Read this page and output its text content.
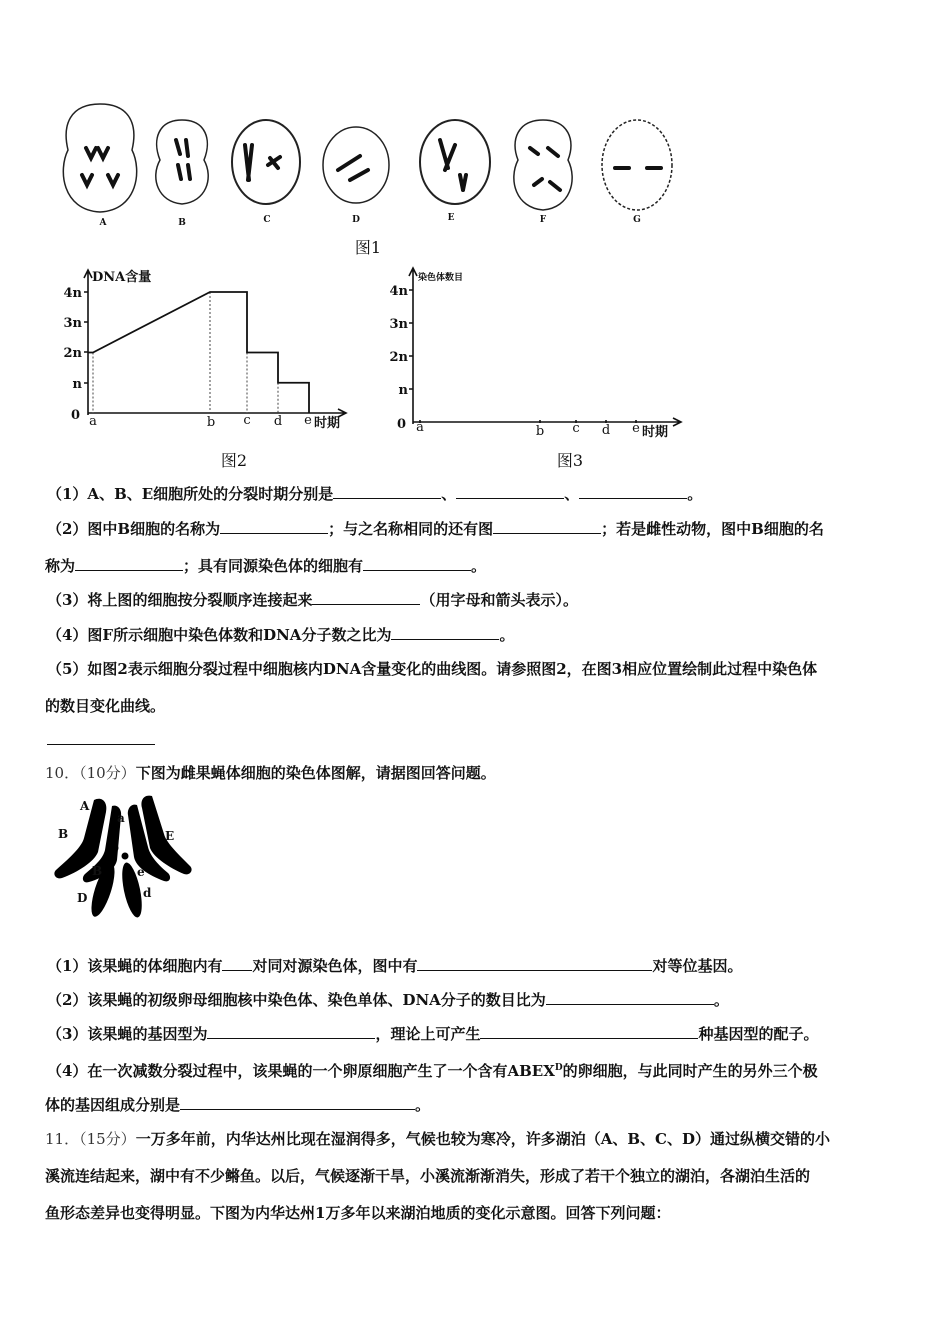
A	B	C	D	E	F	G
图1
DNA含量
4n
3n
2n
n
0 a	b c d e 时期
图2
染色体数目
4n
3n
2n
n
0 a	b c d e 时期
图3
（1）A、B、E细胞所处的分裂时期分别是	、	、	。
（2）图中B细胞的名称为	；与之名称相同的还有图	；若是雌性动物，图中B细胞的名
称为	；具有同源染色体的细胞有	。
（3）将上图的细胞按分裂顺序连接起来	（用字母和箭头表示）。
（4）图F所示细胞中染色体数和DNA分子数之比为	。
（5）如图2表示细胞分裂过程中细胞核内DNA含量变化的曲线图。请参照图2，在图3相应位置绘制此过程中染色体
的数目变化曲线。
10．（10分）下图为雌果蝇体细胞的染色体图解，请据图回答问题。
A
a
B	E
B	e
D	d
（1）该果蝇的体细胞内有 对同对源染色体，图中有	对等位基因。
（2）该果蝇的初级卵母细胞核中染色体、染色单体、DNA分子的数目比为	。
（3）该果蝇的基因型为	，理论上可产生	种基因型的配子。
（4）在一次减数分裂过程中，该果蝇的一个卵原细胞产生了一个含有$ABEX^D$的卵细胞，与此同时产生的另外三个极
体的基因组成分别是	。
11．（15分）一万多年前，内华达州比现在湿润得多，气候也较为寒冷，许多湖泊（A、B、C、D）通过纵横交错的小
溪流连结起来，湖中有不少鳉鱼。以后，气候逐渐干旱，小溪流渐渐消失，形成了若干个独立的湖泊，各湖泊生活的
鱼形态差异也变得明显。下图为内华达州1万多年以来湖泊地质的变化示意图。回答下列问题：
